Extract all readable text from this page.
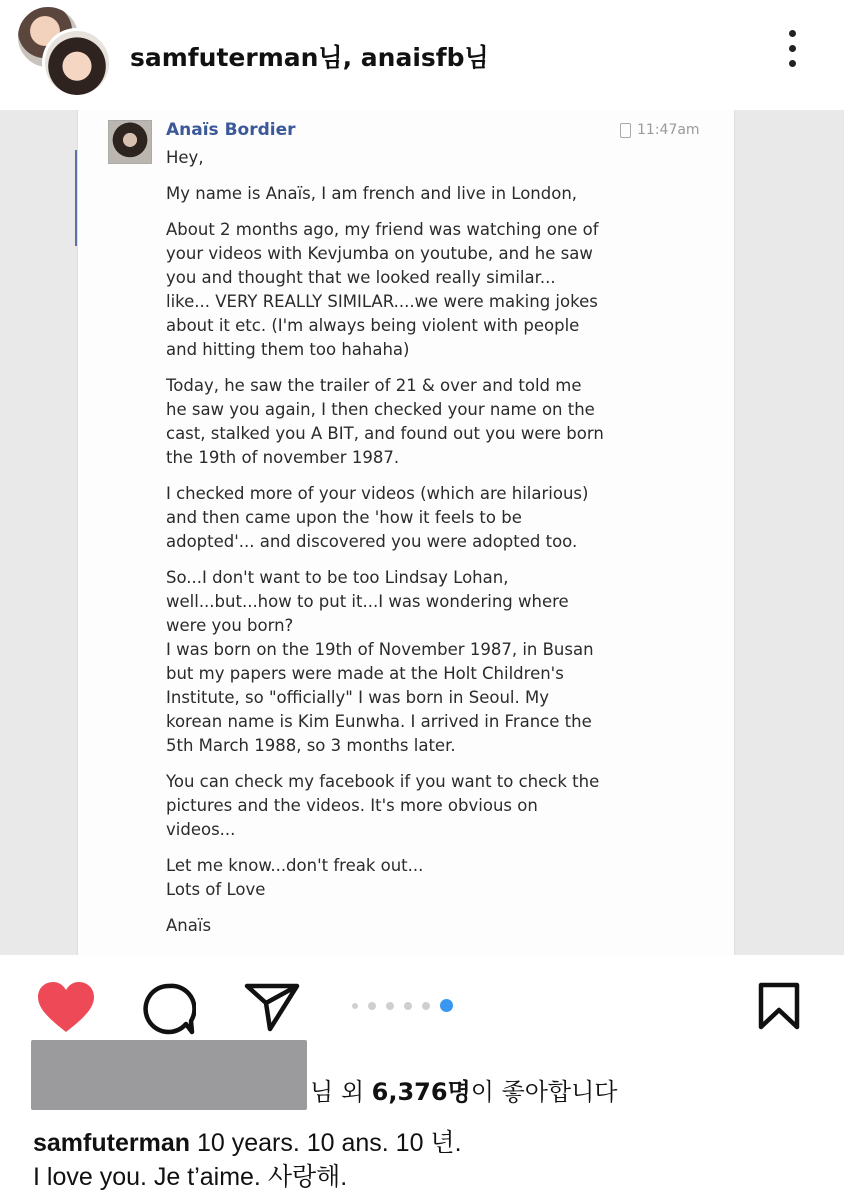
samfuterman님, anaisfb님
Anaïs Bordier	11:47am

Hey,

My name is Anaïs, I am french and live in London,

About 2 months ago, my friend was watching one of
your videos with Kevjumba on youtube, and he saw
you and thought that we looked really similar...
like... VERY REALLY SIMILAR....we were making jokes
about it etc. (I'm always being violent with people
and hitting them too hahaha)

Today, he saw the trailer of 21 & over and told me
he saw you again, I then checked your name on the
cast, stalked you A BIT, and found out you were born
the 19th of november 1987.

I checked more of your videos (which are hilarious)
and then came upon the 'how it feels to be
adopted'... and discovered you were adopted too.

So...I don't want to be too Lindsay Lohan,
well...but...how to put it...I was wondering where
were you born?
I was born on the 19th of November 1987, in Busan
but my papers were made at the Holt Children's
Institute, so "officially" I was born in Seoul. My
korean name is Kim Eunwha. I arrived in France the
5th March 1988, so 3 months later.

You can check my facebook if you want to check the
pictures and the videos. It's more obvious on
videos...

Let me know...don't freak out...
Lots of Love

Anaïs

님 외 6,376명이 좋아합니다
samfuterman 10 years. 10 ans. 10 년.
I love you. Je t’aime. 사랑해.
